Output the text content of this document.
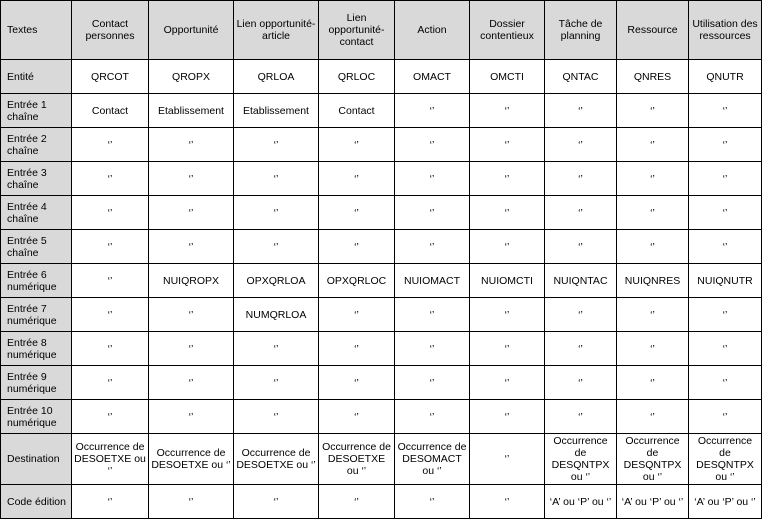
Textes	Contact personnes	Opportunité	Lien opportunité-article	Lien opportunité-contact	Action	Dossier contentieux	Tâche de planning	Ressource	Utilisation des ressources
Entité	QRCOT	QROPX	QRLOA	QRLOC	OMACT	OMCTI	QNTAC	QNRES	QNUTR
Entrée 1 chaîne	Contact	Etablissement	Etablissement	Contact	‘’	‘’	‘’	‘’	‘’
Entrée 2 chaîne	‘’	‘’	‘’	‘’	‘’	‘’	‘’	‘’	‘’
Entrée 3 chaîne	‘’	‘’	‘’	‘’	‘’	‘’	‘’	‘’	‘’
Entrée 4 chaîne	‘’	‘’	‘’	‘’	‘’	‘’	‘’	‘’	‘’
Entrée 5 chaîne	‘’	‘’	‘’	‘’	‘’	‘’	‘’	‘’	‘’
Entrée 6 numérique	‘’	NUIQROPX	OPXQRLOA	OPXQRLOC	NUIOMACT	NUIOMCTI	NUIQNTAC	NUIQNRES	NUIQNUTR
Entrée 7 numérique	‘’	‘’	NUMQRLOA	‘’	‘’	‘’	‘’	‘’	‘’
Entrée 8 numérique	‘’	‘’	‘’	‘’	‘’	‘’	‘’	‘’	‘’
Entrée 9 numérique	‘’	‘’	‘’	‘’	‘’	‘’	‘’	‘’	‘’
Entrée 10 numérique	‘’	‘’	‘’	‘’	‘’	‘’	‘’	‘’	‘’
Destination	Occurrence de DESOETXE ou ‘’	Occurrence de DESOETXE ou ‘’	Occurrence de DESOETXE ou ‘’	Occurrence de DESOETXE ou ‘’	Occurrence de DESOMACT ou ‘’	‘’	Occurrence de DESQNTPX ou ‘’	Occurrence de DESQNTPX ou ‘’	Occurrence de DESQNTPX ou ‘’
Code édition	‘’	‘’	‘’	‘’	‘’	‘’	‘A’ ou ‘P’ ou ‘’	‘A’ ou ‘P’ ou ‘’	‘A’ ou ‘P’ ou ‘’
